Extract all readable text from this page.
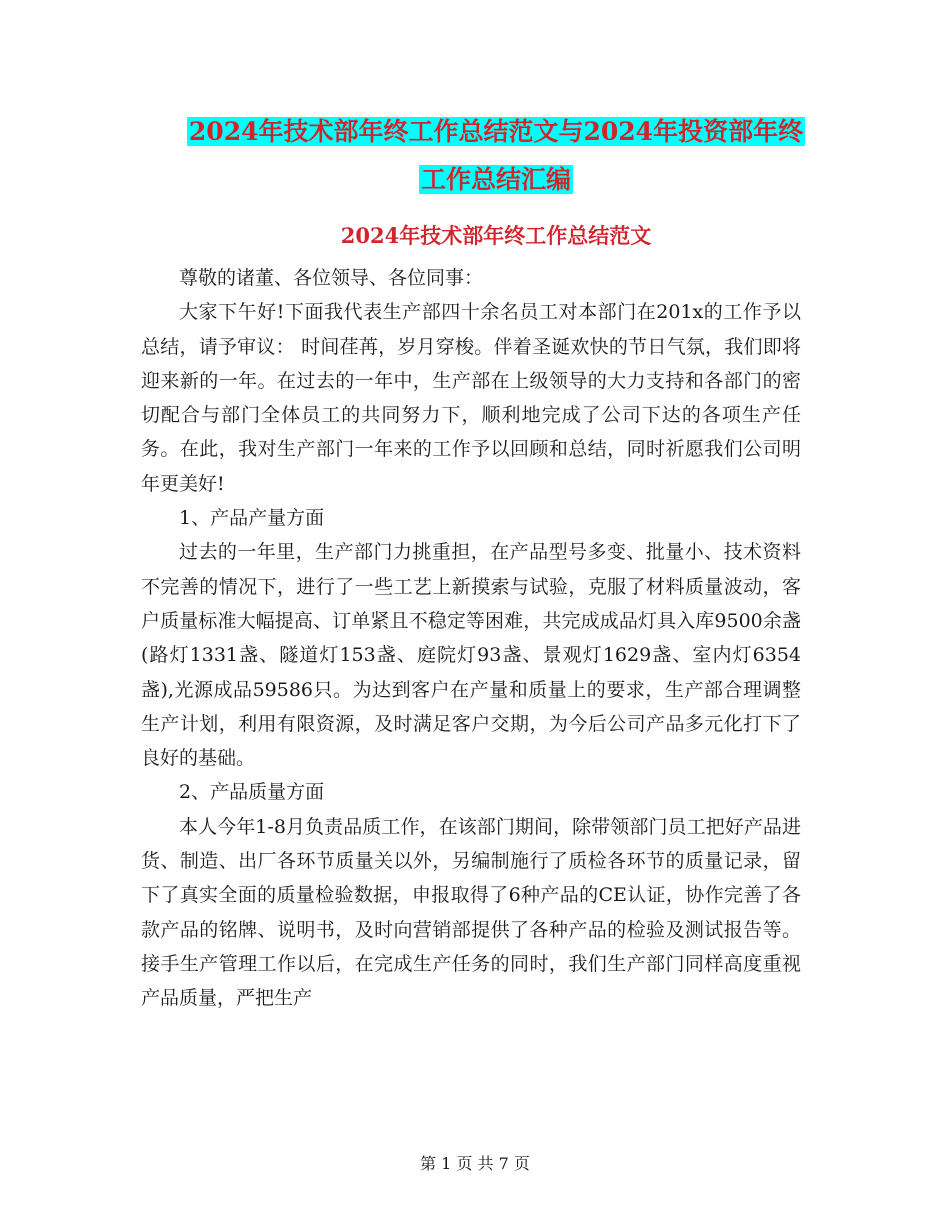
2024年技术部年终工作总结范文与2024年投资部年终
工作总结汇编
2024年技术部年终工作总结范文

尊敬的诸董、各位领导、各位同事：

大家下午好!下面我代表生产部四十余名员工对本部门在201x的工作予以总结，请予审议： 时间荏苒，岁月穿梭。伴着圣诞欢快的节日气氛，我们即将迎来新的一年。在过去的一年中，生产部在上级领导的大力支持和各部门的密切配合与部门全体员工的共同努力下，顺利地完成了公司下达的各项生产任务。在此，我对生产部门一年来的工作予以回顾和总结，同时祈愿我们公司明年更美好!

1、产品产量方面

过去的一年里，生产部门力挑重担，在产品型号多变、批量小、技术资料不完善的情况下，进行了一些工艺上新摸索与试验，克服了材料质量波动，客户质量标准大幅提高、订单紧且不稳定等困难，共完成成品灯具入库9500余盏(路灯1331盏、隧道灯153盏、庭院灯93盏、景观灯1629盏、室内灯6354盏),光源成品59586只。为达到客户在产量和质量上的要求，生产部合理调整生产计划，利用有限资源，及时满足客户交期，为今后公司产品多元化打下了良好的基础。

2、产品质量方面

本人今年1-8月负责品质工作，在该部门期间，除带领部门员工把好产品进货、制造、出厂各环节质量关以外，另编制施行了质检各环节的质量记录，留下了真实全面的质量检验数据，申报取得了6种产品的CE认证，协作完善了各款产品的铭牌、说明书，及时向营销部提供了各种产品的检验及测试报告等。接手生产管理工作以后，在完成生产任务的同时，我们生产部门同样高度重视产品质量，严把生产

第 1 页 共 7 页
